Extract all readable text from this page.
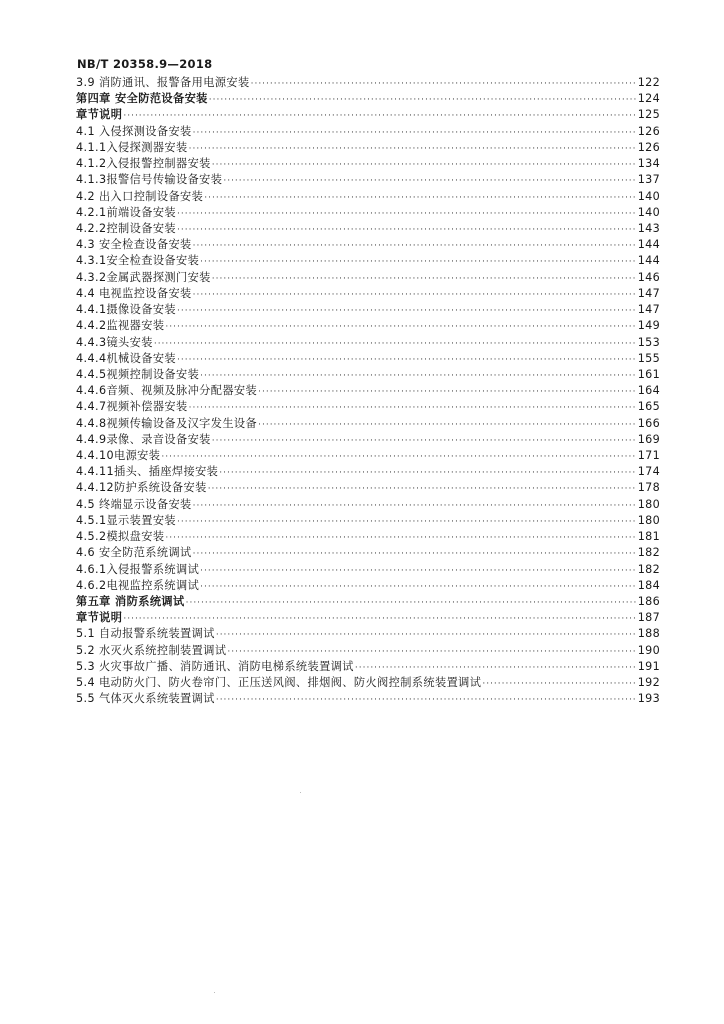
NB/T 20358.9—2018
3.9 消防通讯、报警备用电源安装 ·····	122
第四章 安全防范设备安装 ·····	124
章节说明 ·····	125
4.1 入侵探测设备安装 ·····	126
4.1.1入侵探测器安装 ·····	126
4.1.2入侵报警控制器安装 ·····	134
4.1.3报警信号传输设备安装 ·····	137
4.2 出入口控制设备安装 ·····	140
4.2.1前端设备安装 ·····	140
4.2.2控制设备安装 ·····	143
4.3 安全检查设备安装 ·····	144
4.3.1安全检查设备安装 ·····	144
4.3.2金属武器探测门安装 ·····	146
4.4 电视监控设备安装 ·····	147
4.4.1摄像设备安装 ·····	147
4.4.2监视器安装 ·····	149
4.4.3镜头安装 ·····	153
4.4.4机械设备安装 ·····	155
4.4.5视频控制设备安装 ·····	161
4.4.6音频、视频及脉冲分配器安装 ·····	164
4.4.7视频补偿器安装 ·····	165
4.4.8视频传输设备及汉字发生设备 ·····	166
4.4.9录像、录音设备安装 ·····	169
4.4.10电源安装 ·····	171
4.4.11插头、插座焊接安装 ·····	174
4.4.12防护系统设备安装 ·····	178
4.5 终端显示设备安装 ·····	180
4.5.1显示装置安装 ·····	180
4.5.2模拟盘安装 ·····	181
4.6 安全防范系统调试 ·····	182
4.6.1入侵报警系统调试 ·····	182
4.6.2电视监控系统调试 ·····	184
第五章 消防系统调试 ·····	186
章节说明 ·····	187
5.1 自动报警系统装置调试 ·····	188
5.2 水灭火系统控制装置调试 ·····	190
5.3 火灾事故广播、消防通讯、消防电梯系统装置调试 ·····	191
5.4 电动防火门、防火卷帘门、正压送风阀、排烟阀、防火阀控制系统装置调试 ·····	192
5.5 气体灭火系统装置调试 ·····	193
